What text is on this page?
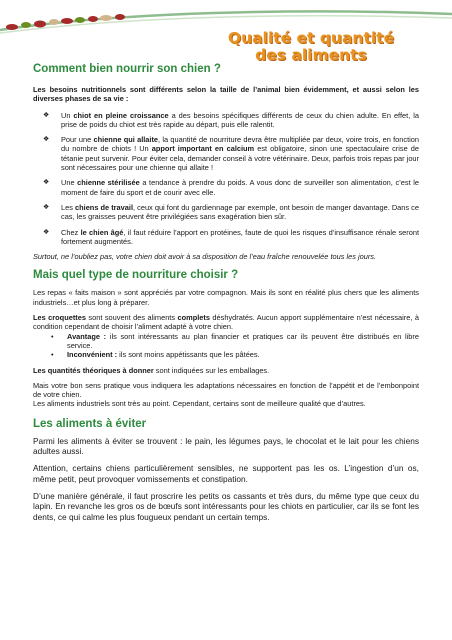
Qualité et quantité
des aliments
Comment bien nourrir son chien ?

Les besoins nutritionnels sont différents selon la taille de l’animal bien évidemment, et aussi selon les diverses phases de sa vie :

❖ Un chiot en pleine croissance a des besoins spécifiques différents de ceux du chien adulte. En effet, la prise de poids du chiot est très rapide au départ, puis elle ralentit.
❖ Pour une chienne qui allaite, la quantité de nourriture devra être multipliée par deux, voire trois, en fonction du nombre de chiots ! Un apport important en calcium est obligatoire, sinon une spectaculaire crise de tétanie peut survenir. Pour éviter cela, demander conseil à votre vétérinaire. Deux, parfois trois repas par jour sont nécessaires pour une chienne qui allaite !
❖ Une chienne stérilisée a tendance à prendre du poids. A vous donc de surveiller son alimentation, c’est le moment de faire du sport et de courir avec elle.
❖ Les chiens de travail, ceux qui font du gardiennage par exemple, ont besoin de manger davantage. Dans ce cas, les graisses peuvent être privilégiées sans exagération bien sûr.
❖ Chez le chien âgé, il faut réduire l’apport en protéines, faute de quoi les risques d’insuffisance rénale seront fortement augmentés.

Surtout, ne l’oubliez pas, votre chien doit avoir à sa disposition de l’eau fraîche renouvelée tous les jours.

Mais quel type de nourriture choisir ?

Les repas « faits maison » sont appréciés par votre compagnon. Mais ils sont en réalité plus chers que les aliments industriels…et plus long à préparer.

Les croquettes sont souvent des aliments complets déshydratés. Aucun apport supplémentaire n’est nécessaire, à condition cependant de choisir l’aliment adapté à votre chien.

• Avantage : ils sont intéressants au plan financier et pratiques car ils peuvent être distribués en libre service.
• Inconvénient : ils sont moins appétissants que les pâtées.

Les quantités théoriques à donner sont indiquées sur les emballages.

Mais votre bon sens pratique vous indiquera les adaptations nécessaires en fonction de l’appétit et de l’embonpoint de votre chien.

Les aliments industriels sont très au point. Cependant, certains sont de meilleure qualité que d’autres.

Les aliments à éviter

Parmi les aliments à éviter se trouvent : le pain, les légumes pays, le chocolat et le lait pour les chiens adultes aussi.

Attention, certains chiens particulièrement sensibles, ne supportent pas les os. L’ingestion d’un os, même petit, peut provoquer vomissements et constipation.

D’une manière générale, il faut proscrire les petits os cassants et très durs, du même type que ceux du lapin. En revanche les gros os de bœufs sont intéressants pour les chiots en particulier, car ils se font les dents, ce qui calme les plus fougueux pendant un certain temps.
